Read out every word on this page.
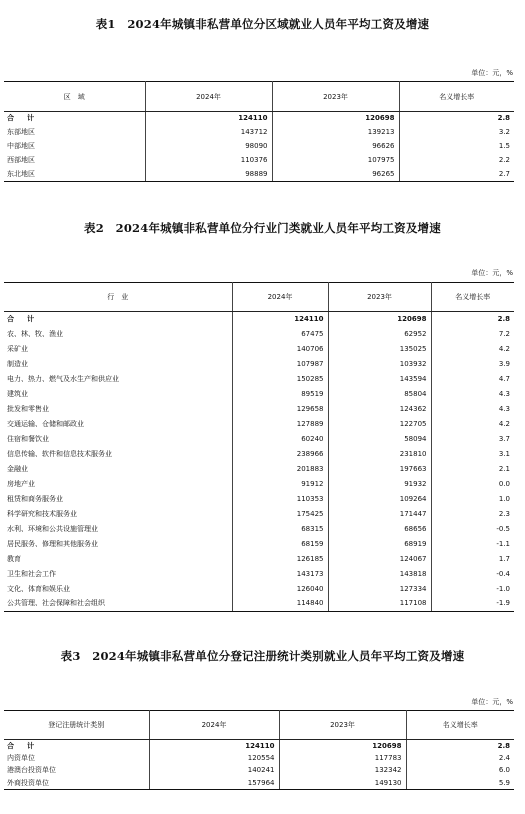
表1　2024年城镇非私营单位分区域就业人员年平均工资及增速
单位：元，%
区　域	2024年	2023年	名义增长率
合　计	124110	120698	2.8
东部地区	143712	139213	3.2
中部地区	98090	96626	1.5
西部地区	110376	107975	2.2
东北地区	98889	96265	2.7
表2　2024年城镇非私营单位分行业门类就业人员年平均工资及增速
单位：元，%
行　业	2024年	2023年	名义增长率
合　计	124110	120698	2.8
农、林、牧、渔业	67475	62952	7.2
采矿业	140706	135025	4.2
制造业	107987	103932	3.9
电力、热力、燃气及水生产和供应业	150285	143594	4.7
建筑业	89519	85804	4.3
批发和零售业	129658	124362	4.3
交通运输、仓储和邮政业	127889	122705	4.2
住宿和餐饮业	60240	58094	3.7
信息传输、软件和信息技术服务业	238966	231810	3.1
金融业	201883	197663	2.1
房地产业	91912	91932	0.0
租赁和商务服务业	110353	109264	1.0
科学研究和技术服务业	175425	171447	2.3
水利、环境和公共设施管理业	68315	68656	-0.5
居民服务、修理和其他服务业	68159	68919	-1.1
教育	126185	124067	1.7
卫生和社会工作	143173	143818	-0.4
文化、体育和娱乐业	126040	127334	-1.0
公共管理、社会保障和社会组织	114840	117108	-1.9
表3　2024年城镇非私营单位分登记注册统计类别就业人员年平均工资及增速
单位：元，%
登记注册统计类别	2024年	2023年	名义增长率
合　计	124110	120698	2.8
内资单位	120554	117783	2.4
港澳台投资单位	140241	132342	6.0
外商投资单位	157964	149130	5.9
